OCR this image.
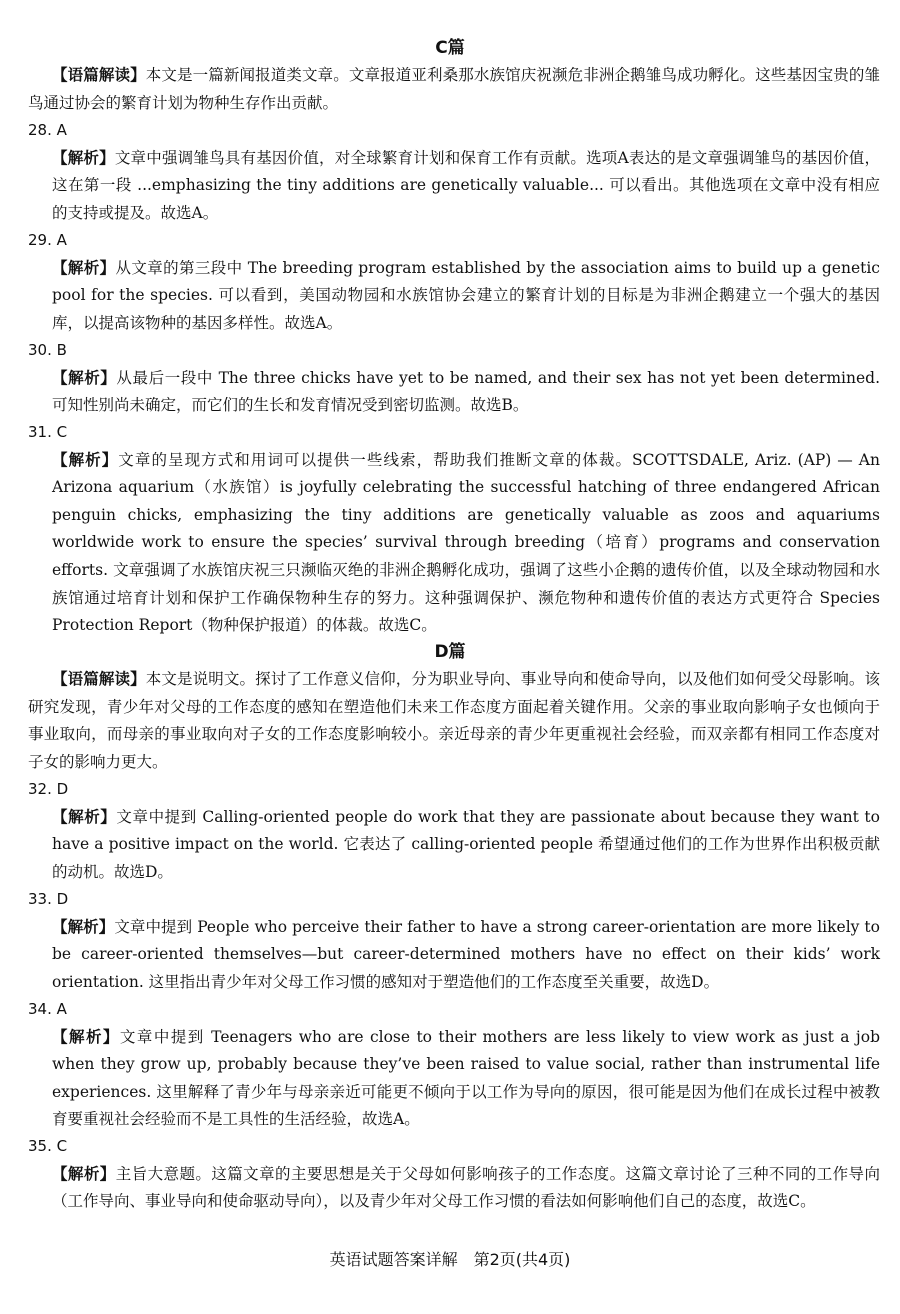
C篇

【语篇解读】本文是一篇新闻报道类文章。文章报道亚利桑那水族馆庆祝濒危非洲企鹅雏鸟成功孵化。这些基因宝贵的雏鸟通过协会的繁育计划为物种生存作出贡献。

28. A

【解析】文章中强调雏鸟具有基因价值，对全球繁育计划和保育工作有贡献。选项A表达的是文章强调雏鸟的基因价值，这在第一段 ...emphasizing the tiny additions are genetically valuable... 可以看出。其他选项在文章中没有相应的支持或提及。故选A。

29. A

【解析】从文章的第三段中 The breeding program established by the association aims to build up a genetic pool for the species. 可以看到，美国动物园和水族馆协会建立的繁育计划的目标是为非洲企鹅建立一个强大的基因库，以提高该物种的基因多样性。故选A。

30. B

【解析】从最后一段中 The three chicks have yet to be named, and their sex has not yet been determined. 可知性别尚未确定，而它们的生长和发育情况受到密切监测。故选B。

31. C

【解析】文章的呈现方式和用词可以提供一些线索，帮助我们推断文章的体裁。SCOTTSDALE, Ariz. (AP) — An Arizona aquarium（水族馆）is joyfully celebrating the successful hatching of three endangered African penguin chicks, emphasizing the tiny additions are genetically valuable as zoos and aquariums worldwide work to ensure the species’ survival through breeding（培育）programs and conservation efforts. 文章强调了水族馆庆祝三只濒临灭绝的非洲企鹅孵化成功，强调了这些小企鹅的遗传价值，以及全球动物园和水族馆通过培育计划和保护工作确保物种生存的努力。这种强调保护、濒危物种和遗传价值的表达方式更符合 Species Protection Report（物种保护报道）的体裁。故选C。

D篇

【语篇解读】本文是说明文。探讨了工作意义信仰，分为职业导向、事业导向和使命导向，以及他们如何受父母影响。该研究发现，青少年对父母的工作态度的感知在塑造他们未来工作态度方面起着关键作用。父亲的事业取向影响子女也倾向于事业取向，而母亲的事业取向对子女的工作态度影响较小。亲近母亲的青少年更重视社会经验，而双亲都有相同工作态度对子女的影响力更大。

32. D

【解析】文章中提到 Calling-oriented people do work that they are passionate about because they want to have a positive impact on the world. 它表达了 calling-oriented people 希望通过他们的工作为世界作出积极贡献的动机。故选D。

33. D

【解析】文章中提到 People who perceive their father to have a strong career-orientation are more likely to be career-oriented themselves—but career-determined mothers have no effect on their kids’ work orientation. 这里指出青少年对父母工作习惯的感知对于塑造他们的工作态度至关重要，故选D。

34. A

【解析】文章中提到 Teenagers who are close to their mothers are less likely to view work as just a job when they grow up, probably because they’ve been raised to value social, rather than instrumental life experiences. 这里解释了青少年与母亲亲近可能更不倾向于以工作为导向的原因，很可能是因为他们在成长过程中被教育要重视社会经验而不是工具性的生活经验，故选A。

35. C

【解析】主旨大意题。这篇文章的主要思想是关于父母如何影响孩子的工作态度。这篇文章讨论了三种不同的工作导向（工作导向、事业导向和使命驱动导向），以及青少年对父母工作习惯的看法如何影响他们自己的态度，故选C。

英语试题答案详解　第2页(共4页)
